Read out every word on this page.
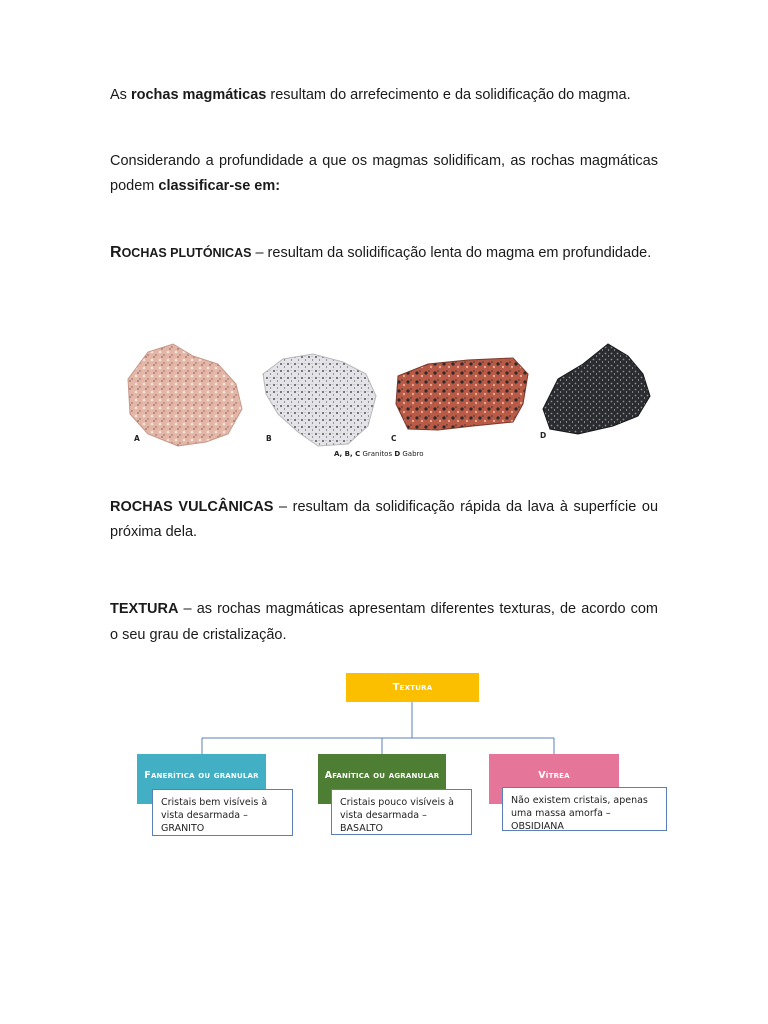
As rochas magmáticas resultam do arrefecimento e da solidificação do magma.
Considerando a profundidade a que os magmas solidificam, as rochas magmáticas podem classificar-se em:
ROCHAS PLUTÓNICAS – resultam da solidificação lenta do magma em profundidade.
A	B	C	D
A, B, C Granitos D Gabro
ROCHAS VULCÂNICAS – resultam da solidificação rápida da lava à superfície ou próxima dela.
TEXTURA – as rochas magmáticas apresentam diferentes texturas, de acordo com o seu grau de cristalização.
Textura
Fanerítica ou granular
Cristais bem visíveis à vista desarmada – GRANITO
Afanítica ou agranular
Cristais pouco visíveis à vista desarmada – BASALTO
Vítrea
Não existem cristais, apenas uma massa amorfa – OBSIDIANA
